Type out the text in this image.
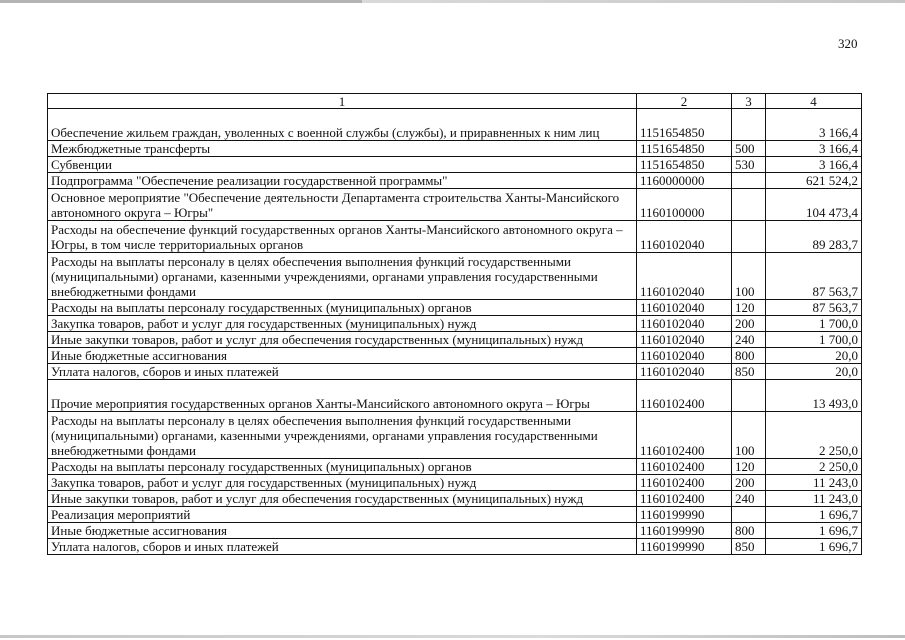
320
1	2	3	4
Обеспечение жильем граждан, уволенных с военной службы (службы), и приравненных к ним лиц	1151654850		3 166,4
Межбюджетные трансферты	1151654850	500	3 166,4
Субвенции	1151654850	530	3 166,4
Подпрограмма "Обеспечение реализации государственной программы"	1160000000		621 524,2
Основное мероприятие "Обеспечение деятельности Департамента строительства Ханты-Мансийского автономного округа – Югры"	1160100000		104 473,4
Расходы на обеспечение функций государственных органов Ханты-Мансийского автономного округа – Югры, в том числе территориальных органов	1160102040		89 283,7
Расходы на выплаты персоналу в целях обеспечения выполнения функций государственными (муниципальными) органами, казенными учреждениями, органами управления государственными внебюджетными фондами	1160102040	100	87 563,7
Расходы на выплаты персоналу государственных (муниципальных) органов	1160102040	120	87 563,7
Закупка товаров, работ и услуг для государственных (муниципальных) нужд	1160102040	200	1 700,0
Иные закупки товаров, работ и услуг для обеспечения государственных (муниципальных) нужд	1160102040	240	1 700,0
Иные бюджетные ассигнования	1160102040	800	20,0
Уплата налогов, сборов и иных платежей	1160102040	850	20,0
Прочие мероприятия государственных органов Ханты-Мансийского автономного округа – Югры	1160102400		13 493,0
Расходы на выплаты персоналу в целях обеспечения выполнения функций государственными (муниципальными) органами, казенными учреждениями, органами управления государственными внебюджетными фондами	1160102400	100	2 250,0
Расходы на выплаты персоналу государственных (муниципальных) органов	1160102400	120	2 250,0
Закупка товаров, работ и услуг для государственных (муниципальных) нужд	1160102400	200	11 243,0
Иные закупки товаров, работ и услуг для обеспечения государственных (муниципальных) нужд	1160102400	240	11 243,0
Реализация мероприятий	1160199990		1 696,7
Иные бюджетные ассигнования	1160199990	800	1 696,7
Уплата налогов, сборов и иных платежей	1160199990	850	1 696,7
